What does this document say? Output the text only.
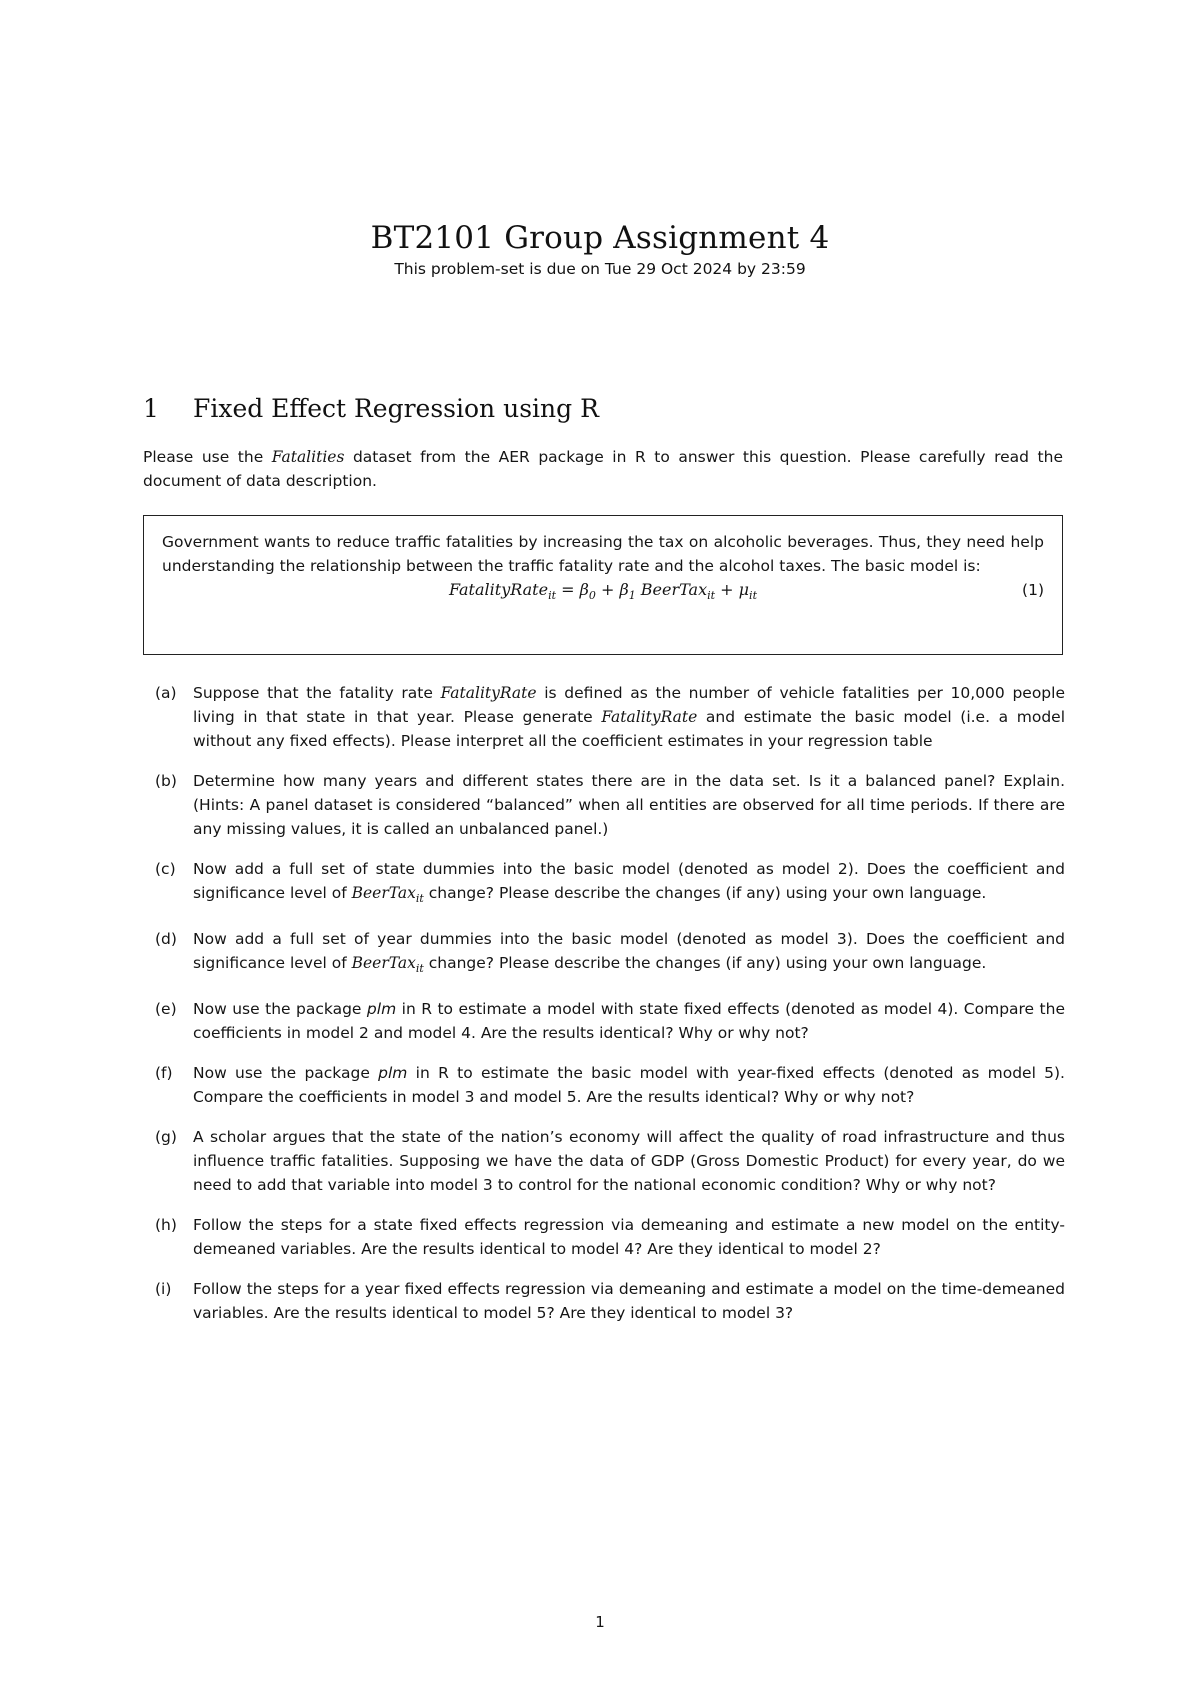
BT2101 Group Assignment 4
This problem-set is due on Tue 29 Oct 2024 by 23:59
1 Fixed Effect Regression using R
Please use the Fatalities dataset from the AER package in R to answer this question. Please carefully read the document of data description.
Government wants to reduce traffic fatalities by increasing the tax on alcoholic beverages. Thus, they need help understanding the relationship between the traffic fatality rate and the alcohol taxes. The basic model is:
FatalityRate$_{it}$ = $\beta_0 + \beta_1$ BeerTax$_{it}$ + $\mu_{it}$	(1)
(a)	Suppose that the fatality rate FatalityRate is defined as the number of vehicle fatalities per 10,000 people living in that state in that year. Please generate FatalityRate and estimate the basic model (i.e. a model without any fixed effects). Please interpret all the coefficient estimates in your regression table
(b)	Determine how many years and different states there are in the data set. Is it a balanced panel? Explain. (Hints: A panel dataset is considered “balanced” when all entities are observed for all time periods. If there are any missing values, it is called an unbalanced panel.)
(c)	Now add a full set of state dummies into the basic model (denoted as model 2). Does the coefficient and significance level of BeerTax$_{it}$ change? Please describe the changes (if any) using your own language.
(d)	Now add a full set of year dummies into the basic model (denoted as model 3). Does the coefficient and significance level of BeerTax$_{it}$ change? Please describe the changes (if any) using your own language.
(e)	Now use the package plm in R to estimate a model with state fixed effects (denoted as model 4). Compare the coefficients in model 2 and model 4. Are the results identical? Why or why not?
(f)	Now use the package plm in R to estimate the basic model with year-fixed effects (denoted as model 5). Compare the coefficients in model 3 and model 5. Are the results identical? Why or why not?
(g)	A scholar argues that the state of the nation’s economy will affect the quality of road infrastructure and thus influence traffic fatalities. Supposing we have the data of GDP (Gross Domestic Product) for every year, do we need to add that variable into model 3 to control for the national economic condition? Why or why not?
(h)	Follow the steps for a state fixed effects regression via demeaning and estimate a new model on the entity-demeaned variables. Are the results identical to model 4? Are they identical to model 2?
(i)	Follow the steps for a year fixed effects regression via demeaning and estimate a model on the time-demeaned variables. Are the results identical to model 5? Are they identical to model 3?
1
